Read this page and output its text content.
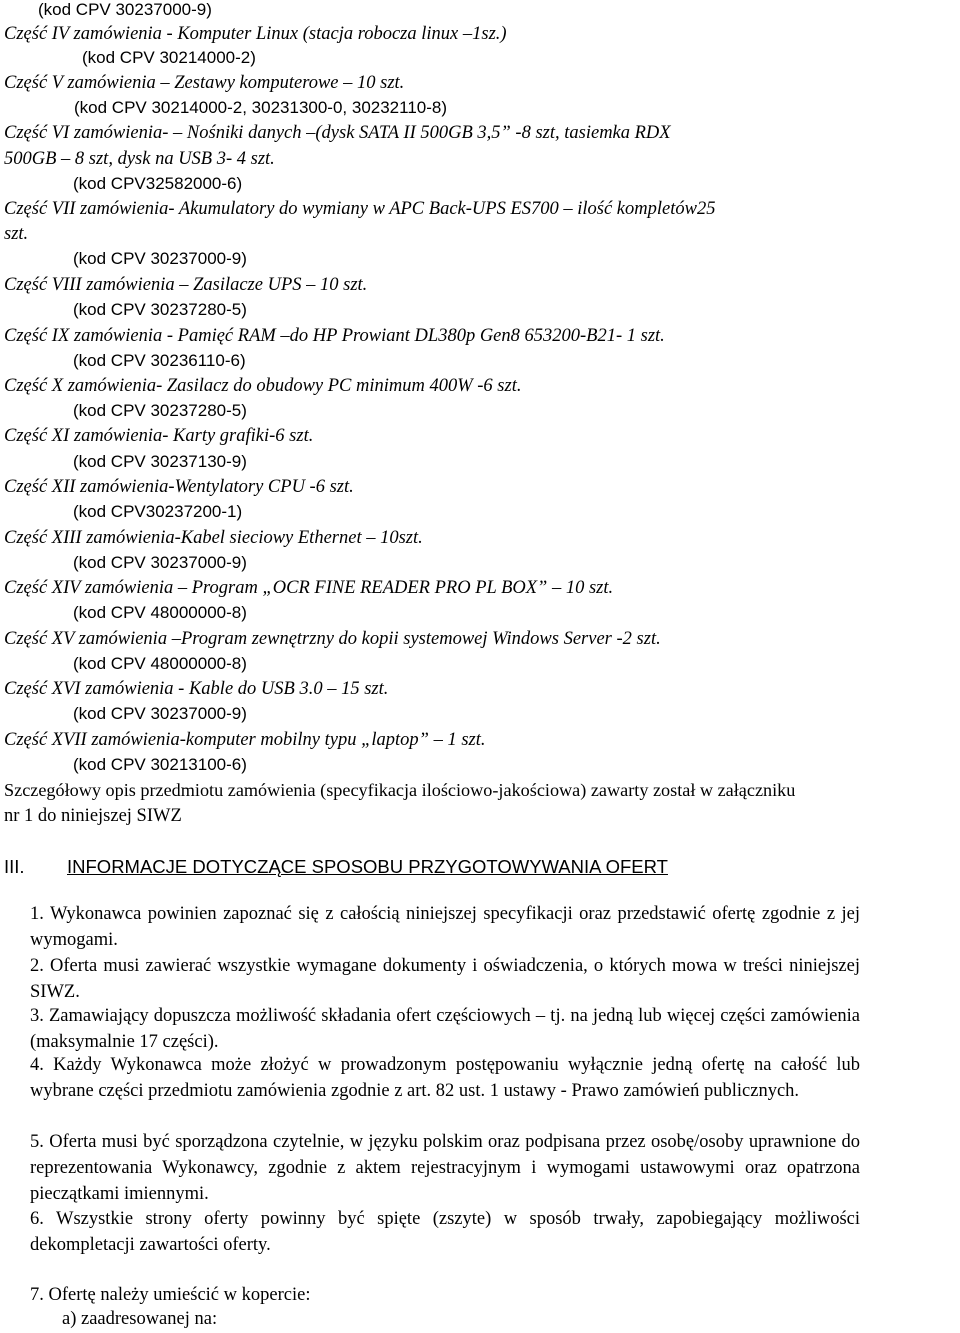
(kod CPV 30237000-9)
Część IV zamówienia - Komputer Linux (stacja robocza linux –1sz.)
(kod CPV 30214000-2)
Część V zamówienia – Zestawy komputerowe – 10 szt.
(kod CPV 30214000-2, 30231300-0, 30232110-8)
Część VI zamówienia- – Nośniki danych –(dysk SATA II 500GB 3,5” -8 szt, tasiemka RDX
500GB – 8 szt, dysk na USB 3- 4 szt.
(kod CPV32582000-6)
Część VII zamówienia- Akumulatory do wymiany w APC Back-UPS ES700 – ilość kompletów25
szt.
(kod CPV 30237000-9)
Część VIII zamówienia – Zasilacze UPS – 10 szt.
(kod CPV 30237280-5)
Część IX zamówienia - Pamięć RAM –do HP Prowiant DL380p Gen8 653200-B21- 1 szt.
(kod CPV 30236110-6)
Część X zamówienia- Zasilacz do obudowy PC minimum 400W -6 szt.
(kod CPV 30237280-5)
Część XI zamówienia- Karty grafiki-6 szt.
(kod CPV 30237130-9)
Część XII zamówienia-Wentylatory CPU -6 szt.
(kod CPV30237200-1)
Część XIII zamówienia-Kabel sieciowy Ethernet – 10szt.
(kod CPV 30237000-9)
Część XIV zamówienia – Program „OCR FINE READER PRO PL BOX” – 10 szt.
(kod CPV 48000000-8)
Część XV zamówienia –Program zewnętrzny do kopii systemowej Windows Server -2 szt.
(kod CPV 48000000-8)
Część XVI zamówienia - Kable do USB 3.0 – 15 szt.
(kod CPV 30237000-9)
Część XVII zamówienia-komputer mobilny typu „laptop” – 1 szt.
(kod CPV 30213100-6)
Szczegółowy opis przedmiotu zamówienia (specyfikacja ilościowo-jakościowa) zawarty został w załączniku
nr 1 do niniejszej SIWZ
III. INFORMACJE DOTYCZĄCE SPOSOBU PRZYGOTOWYWANIA OFERT
1. Wykonawca powinien zapoznać się z całością niniejszej specyfikacji oraz przedstawić ofertę zgodnie z jej wymogami.
2. Oferta musi zawierać wszystkie wymagane dokumenty i oświadczenia, o których mowa w treści niniejszej SIWZ.
3. Zamawiający dopuszcza możliwość składania ofert częściowych – tj. na jedną lub więcej części zamówienia (maksymalnie 17 części).
4. Każdy Wykonawca może złożyć w prowadzonym postępowaniu wyłącznie jedną ofertę na całość lub wybrane części przedmiotu zamówienia zgodnie z art. 82 ust. 1 ustawy - Prawo zamówień publicznych.
5. Oferta musi być sporządzona czytelnie, w języku polskim oraz podpisana przez osobę/osoby uprawnione do reprezentowania Wykonawcy, zgodnie z aktem rejestracyjnym i wymogami ustawowymi oraz opatrzona pieczątkami imiennymi.
6. Wszystkie strony oferty powinny być spięte (zszyte) w sposób trwały, zapobiegający możliwości dekompletacji zawartości oferty.
7. Ofertę należy umieścić w kopercie:
a) zaadresowanej na:
